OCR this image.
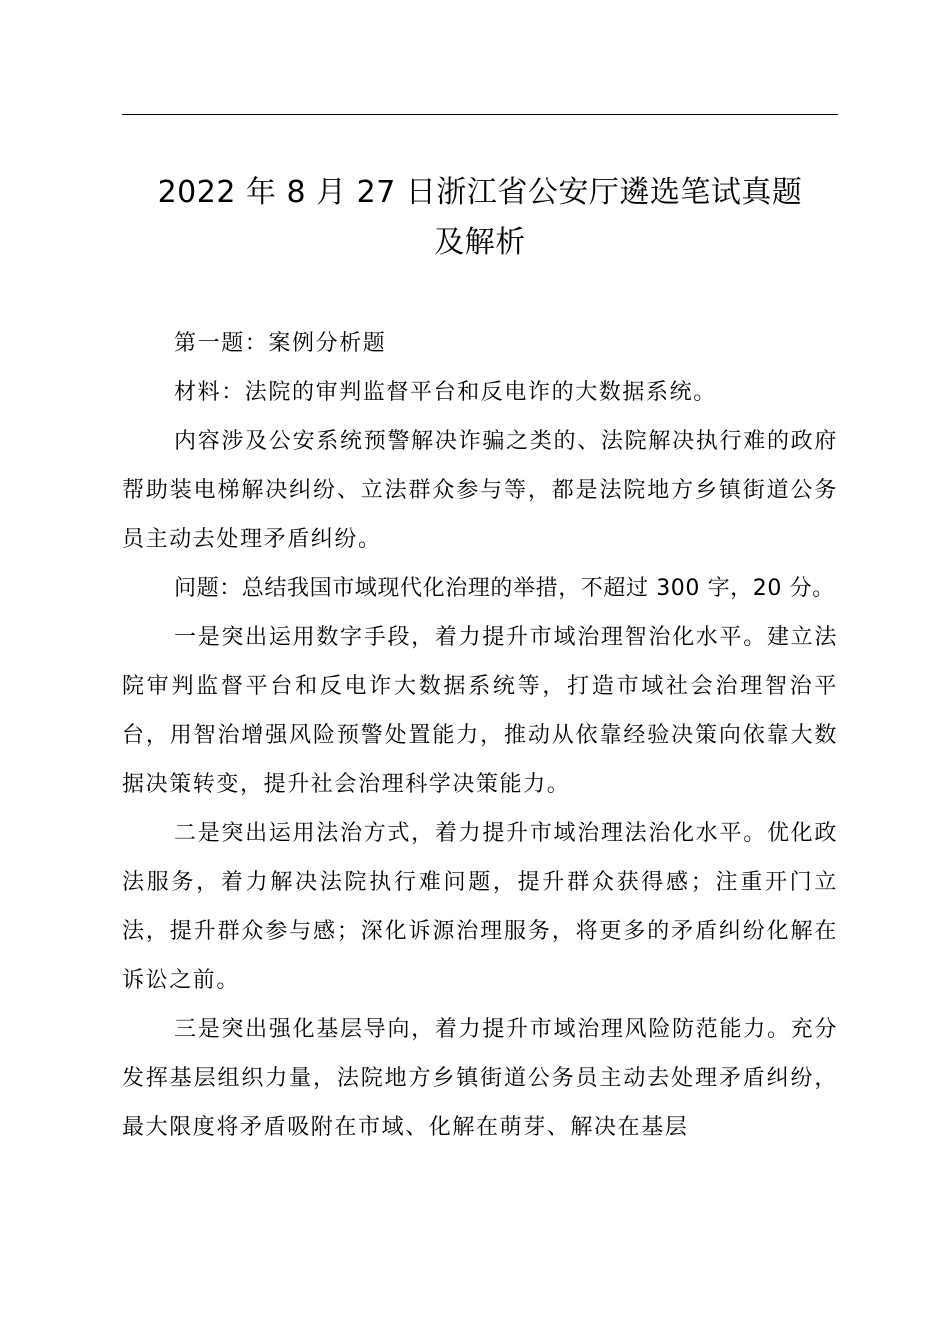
2022 年 8 月 27 日浙江省公安厅遴选笔试真题
及解析

第一题：案例分析题

材料：法院的审判监督平台和反电诈的大数据系统。

内容涉及公安系统预警解决诈骗之类的、法院解决执行难的政府帮助装电梯解决纠纷、立法群众参与等，都是法院地方乡镇街道公务员主动去处理矛盾纠纷。

问题：总结我国市域现代化治理的举措，不超过 300 字，20 分。

一是突出运用数字手段，着力提升市域治理智治化水平。建立法院审判监督平台和反电诈大数据系统等，打造市域社会治理智治平台，用智治增强风险预警处置能力，推动从依靠经验决策向依靠大数据决策转变，提升社会治理科学决策能力。

二是突出运用法治方式，着力提升市域治理法治化水平。优化政法服务，着力解决法院执行难问题，提升群众获得感；注重开门立法，提升群众参与感；深化诉源治理服务，将更多的矛盾纠纷化解在诉讼之前。

三是突出强化基层导向，着力提升市域治理风险防范能力。充分发挥基层组织力量，法院地方乡镇街道公务员主动去处理矛盾纠纷，最大限度将矛盾吸附在市域、化解在萌芽、解决在基层
